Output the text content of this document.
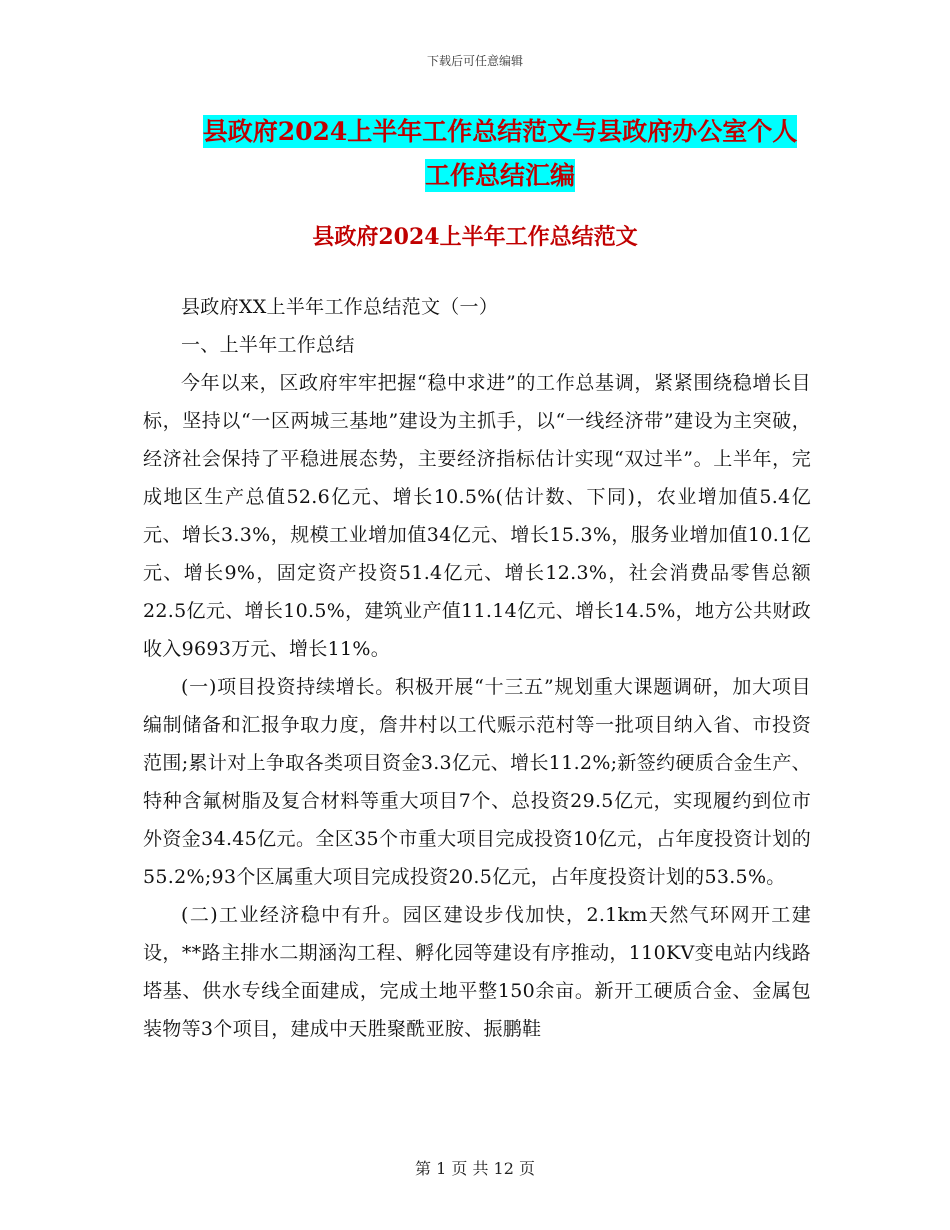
下载后可任意编辑
县政府2024上半年工作总结范文与县政府办公室个人
工作总结汇编
县政府2024上半年工作总结范文

县政府XX上半年工作总结范文（一）

一、上半年工作总结

今年以来，区政府牢牢把握“稳中求进”的工作总基调，紧紧围绕稳增长目标，坚持以“一区两城三基地”建设为主抓手，以“一线经济带”建设为主突破，经济社会保持了平稳进展态势，主要经济指标估计实现“双过半”。上半年，完成地区生产总值52.6亿元、增长10.5%(估计数、下同)，农业增加值5.4亿元、增长3.3%，规模工业增加值34亿元、增长15.3%，服务业增加值10.1亿元、增长9%，固定资产投资51.4亿元、增长12.3%，社会消费品零售总额22.5亿元、增长10.5%，建筑业产值11.14亿元、增长14.5%，地方公共财政收入9693万元、增长11%。

(一)项目投资持续增长。积极开展“十三五”规划重大课题调研，加大项目编制储备和汇报争取力度，詹井村以工代赈示范村等一批项目纳入省、市投资范围;累计对上争取各类项目资金3.3亿元、增长11.2%;新签约硬质合金生产、特种含氟树脂及复合材料等重大项目7个、总投资29.5亿元，实现履约到位市外资金34.45亿元。全区35个市重大项目完成投资10亿元，占年度投资计划的55.2%;93个区属重大项目完成投资20.5亿元，占年度投资计划的53.5%。

(二)工业经济稳中有升。园区建设步伐加快，2.1km天然气环网开工建设，**路主排水二期涵沟工程、孵化园等建设有序推动，110KV变电站内线路塔基、供水专线全面建成，完成土地平整150余亩。新开工硬质合金、金属包装物等3个项目，建成中天胜聚酰亚胺、振鹏鞋

第 1 页 共 12 页
